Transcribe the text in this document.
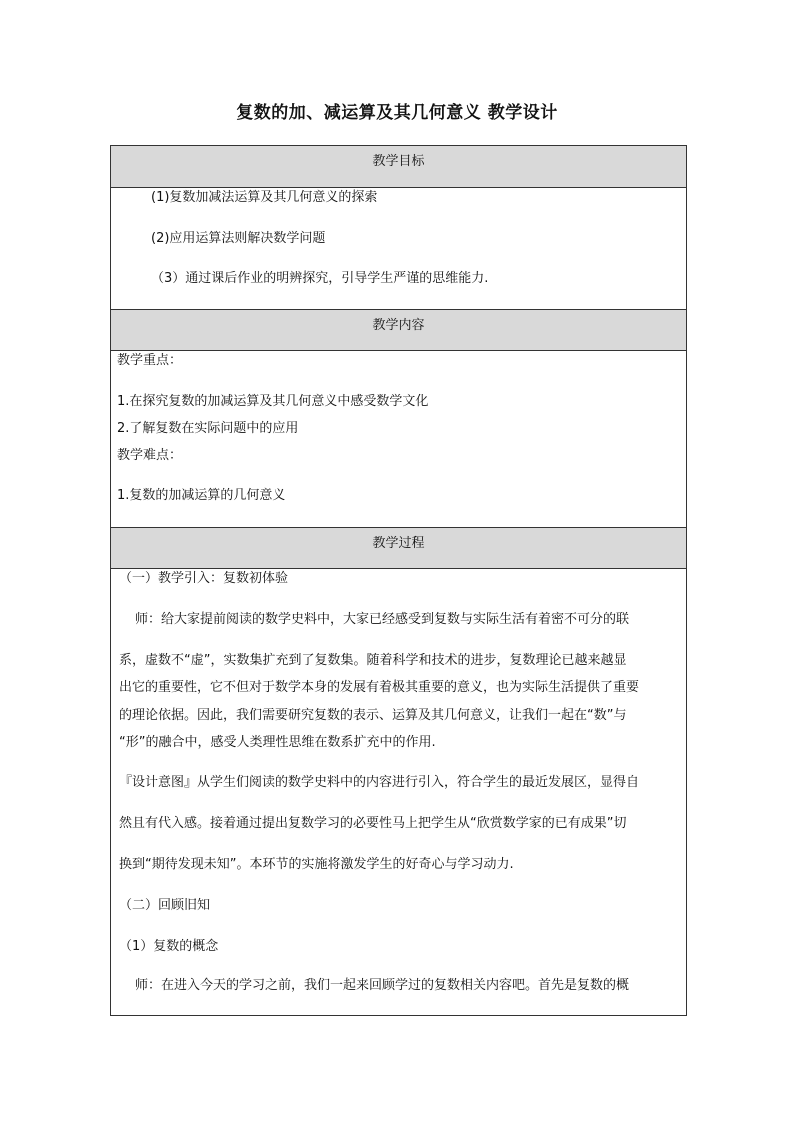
复数的加、减运算及其几何意义 教学设计
教学目标
(1)复数加减法运算及其几何意义的探索
(2)应用运算法则解决数学问题
（3）通过课后作业的明辨探究，引导学生严谨的思维能力.
教学内容
教学重点：
1.在探究复数的加减运算及其几何意义中感受数学文化
2.了解复数在实际问题中的应用
教学难点：
1.复数的加减运算的几何意义
教学过程
（一）教学引入：复数初体验
师：给大家提前阅读的数学史料中，大家已经感受到复数与实际生活有着密不可分的联
系，虚数不“虚”，实数集扩充到了复数集。随着科学和技术的进步，复数理论已越来越显
出它的重要性，它不但对于数学本身的发展有着极其重要的意义，也为实际生活提供了重要
的理论依据。因此，我们需要研究复数的表示、运算及其几何意义，让我们一起在“数”与
“形”的融合中，感受人类理性思维在数系扩充中的作用.
『设计意图』从学生们阅读的数学史料中的内容进行引入，符合学生的最近发展区，显得自
然且有代入感。接着通过提出复数学习的必要性马上把学生从“欣赏数学家的已有成果”切
换到“期待发现未知”。本环节的实施将激发学生的好奇心与学习动力.
（二）回顾旧知
（1）复数的概念
师：在进入今天的学习之前，我们一起来回顾学过的复数相关内容吧。首先是复数的概
